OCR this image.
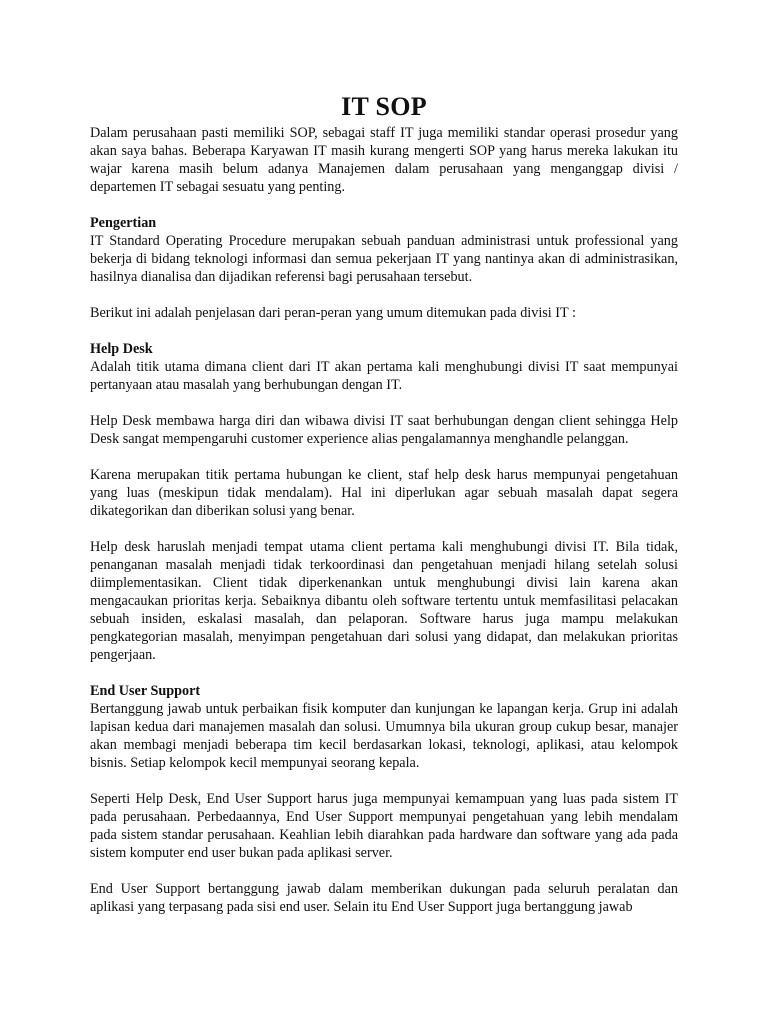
IT SOP

Dalam perusahaan pasti memiliki SOP, sebagai staff IT juga memiliki standar operasi prosedur yang akan saya bahas. Beberapa Karyawan IT masih kurang mengerti SOP yang harus mereka lakukan itu wajar karena masih belum adanya Manajemen dalam perusahaan yang menganggap divisi / departemen IT sebagai sesuatu yang penting.

Pengertian

IT Standard Operating Procedure merupakan sebuah panduan administrasi untuk professional yang bekerja di bidang teknologi informasi dan semua pekerjaan IT yang nantinya akan di administrasikan, hasilnya dianalisa dan dijadikan referensi bagi perusahaan tersebut.

Berikut ini adalah penjelasan dari peran-peran yang umum ditemukan pada divisi IT :

Help Desk

Adalah titik utama dimana client dari IT akan pertama kali menghubungi divisi IT saat mempunyai pertanyaan atau masalah yang berhubungan dengan IT.

Help Desk membawa harga diri dan wibawa divisi IT saat berhubungan dengan client sehingga Help Desk sangat mempengaruhi customer experience alias pengalamannya menghandle pelanggan.

Karena merupakan titik pertama hubungan ke client, staf help desk harus mempunyai pengetahuan yang luas (meskipun tidak mendalam). Hal ini diperlukan agar sebuah masalah dapat segera dikategorikan dan diberikan solusi yang benar.

Help desk haruslah menjadi tempat utama client pertama kali menghubungi divisi IT. Bila tidak, penanganan masalah menjadi tidak terkoordinasi dan pengetahuan menjadi hilang setelah solusi diimplementasikan. Client tidak diperkenankan untuk menghubungi divisi lain karena akan mengacaukan prioritas kerja. Sebaiknya dibantu oleh software tertentu untuk memfasilitasi pelacakan sebuah insiden, eskalasi masalah, dan pelaporan. Software harus juga mampu melakukan pengkategorian masalah, menyimpan pengetahuan dari solusi yang didapat, dan melakukan prioritas pengerjaan.

End User Support

Bertanggung jawab untuk perbaikan fisik komputer dan kunjungan ke lapangan kerja. Grup ini adalah lapisan kedua dari manajemen masalah dan solusi. Umumnya bila ukuran group cukup besar, manajer akan membagi menjadi beberapa tim kecil berdasarkan lokasi, teknologi, aplikasi, atau kelompok bisnis. Setiap kelompok kecil mempunyai seorang kepala.

Seperti Help Desk, End User Support harus juga mempunyai kemampuan yang luas pada sistem IT pada perusahaan. Perbedaannya, End User Support mempunyai pengetahuan yang lebih mendalam pada sistem standar perusahaan. Keahlian lebih diarahkan pada hardware dan software yang ada pada sistem komputer end user bukan pada aplikasi server.

End User Support bertanggung jawab dalam memberikan dukungan pada seluruh peralatan dan aplikasi yang terpasang pada sisi end user. Selain itu End User Support juga bertanggung jawab
